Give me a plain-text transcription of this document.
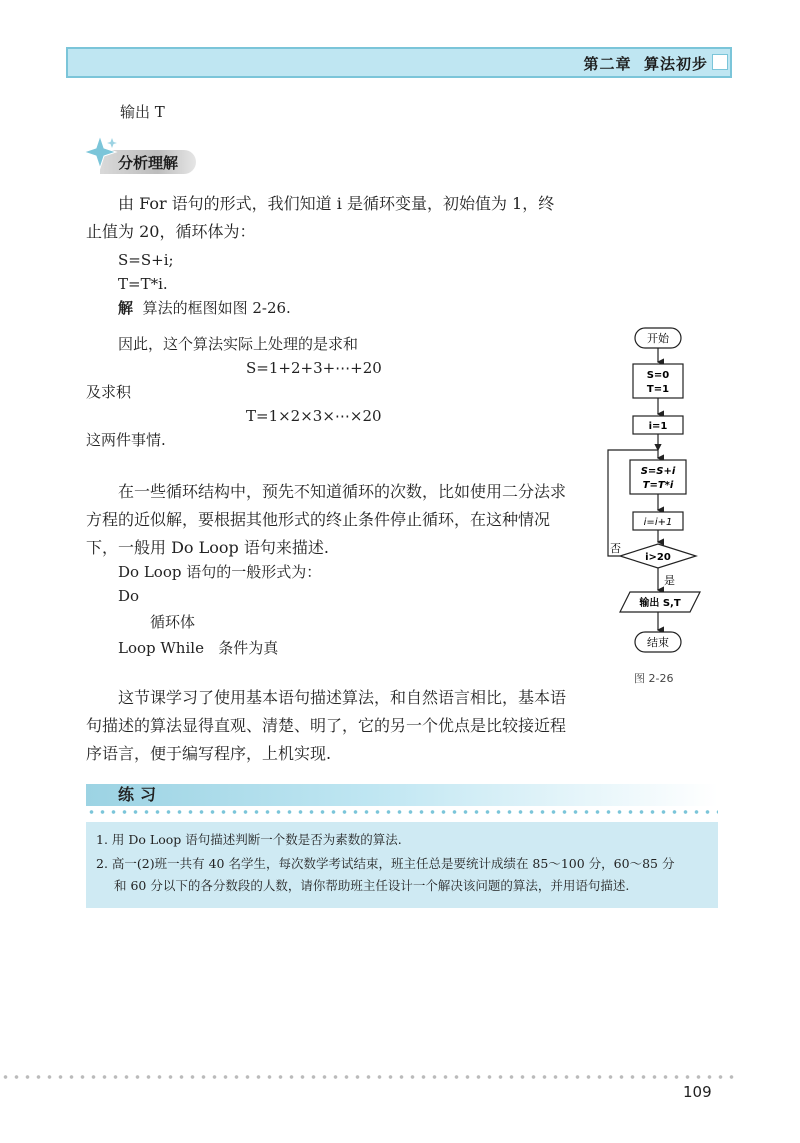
第二章 算法初步
输出 T
分析理解
由 For 语句的形式，我们知道 i 是循环变量，初始值为 1，终止值为 20，循环体为：
S=S+i;
T=T*i.
解 算法的框图如图 2-26.
因此，这个算法实际上处理的是求和
S=1+2+3+⋯+20
及求积
T=1×2×3×⋯×20
这两件事情.
在一些循环结构中，预先不知道循环的次数，比如使用二分法求方程的近似解，要根据其他形式的终止条件停止循环，在这种情况下，一般用 Do Loop 语句来描述.
Do Loop 语句的一般形式为：
Do
循环体
Loop While 条件为真
这节课学习了使用基本语句描述算法，和自然语言相比，基本语句描述的算法显得直观、清楚、明了，它的另一个优点是比较接近程序语言，便于编写程序，上机实现.
开始
S=0
T=1
i=1
S=S+i
T=T*i
i=i+1
i>20
否
是
输出 S,T
结束
图 2-26
练习
1. 用 Do Loop 语句描述判断一个数是否为素数的算法.
2. 高一(2)班一共有 40 名学生，每次数学考试结束，班主任总是要统计成绩在 85～100 分，60～85 分
和 60 分以下的各分数段的人数，请你帮助班主任设计一个解决该问题的算法，并用语句描述.
109
